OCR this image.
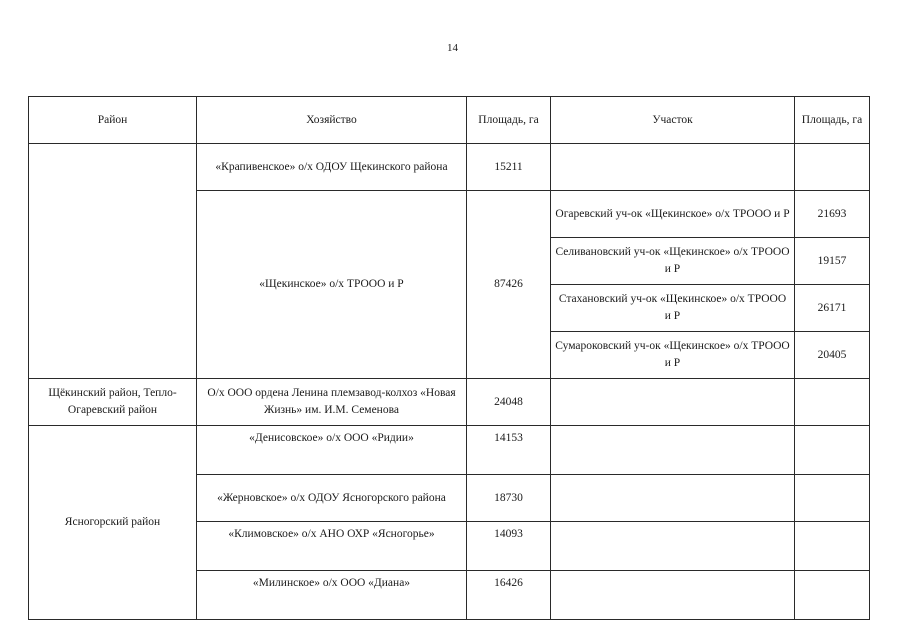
14
Район	Хозяйство	Площадь, га	Участок	Площадь, га
	«Крапивенское» о/х ОДОУ Щекинского района	15211		
	«Щекинское» о/х ТРООО и Р	87426	Огаревский уч-ок «Щекинское» о/х ТРООО и Р	21693
			Селивановский уч-ок «Щекинское» о/х ТРООО и Р	19157
			Стахановский уч-ок «Щекинское» о/х ТРООО и Р	26171
			Сумароковский уч-ок «Щекинское» о/х ТРООО и Р	20405
Щёкинский район, Тепло-Огаревский район	О/х ООО ордена Ленина племзавод-колхоз «Новая Жизнь» им. И.М. Семенова	24048		
Ясногорский район	«Денисовское» о/х ООО «Ридии»	14153		
	«Жерновское» о/х ОДОУ Ясногорского района	18730		
	«Климовское» о/х АНО ОХР «Ясногорье»	14093		
	«Милинское» о/х ООО «Диана»	16426		
